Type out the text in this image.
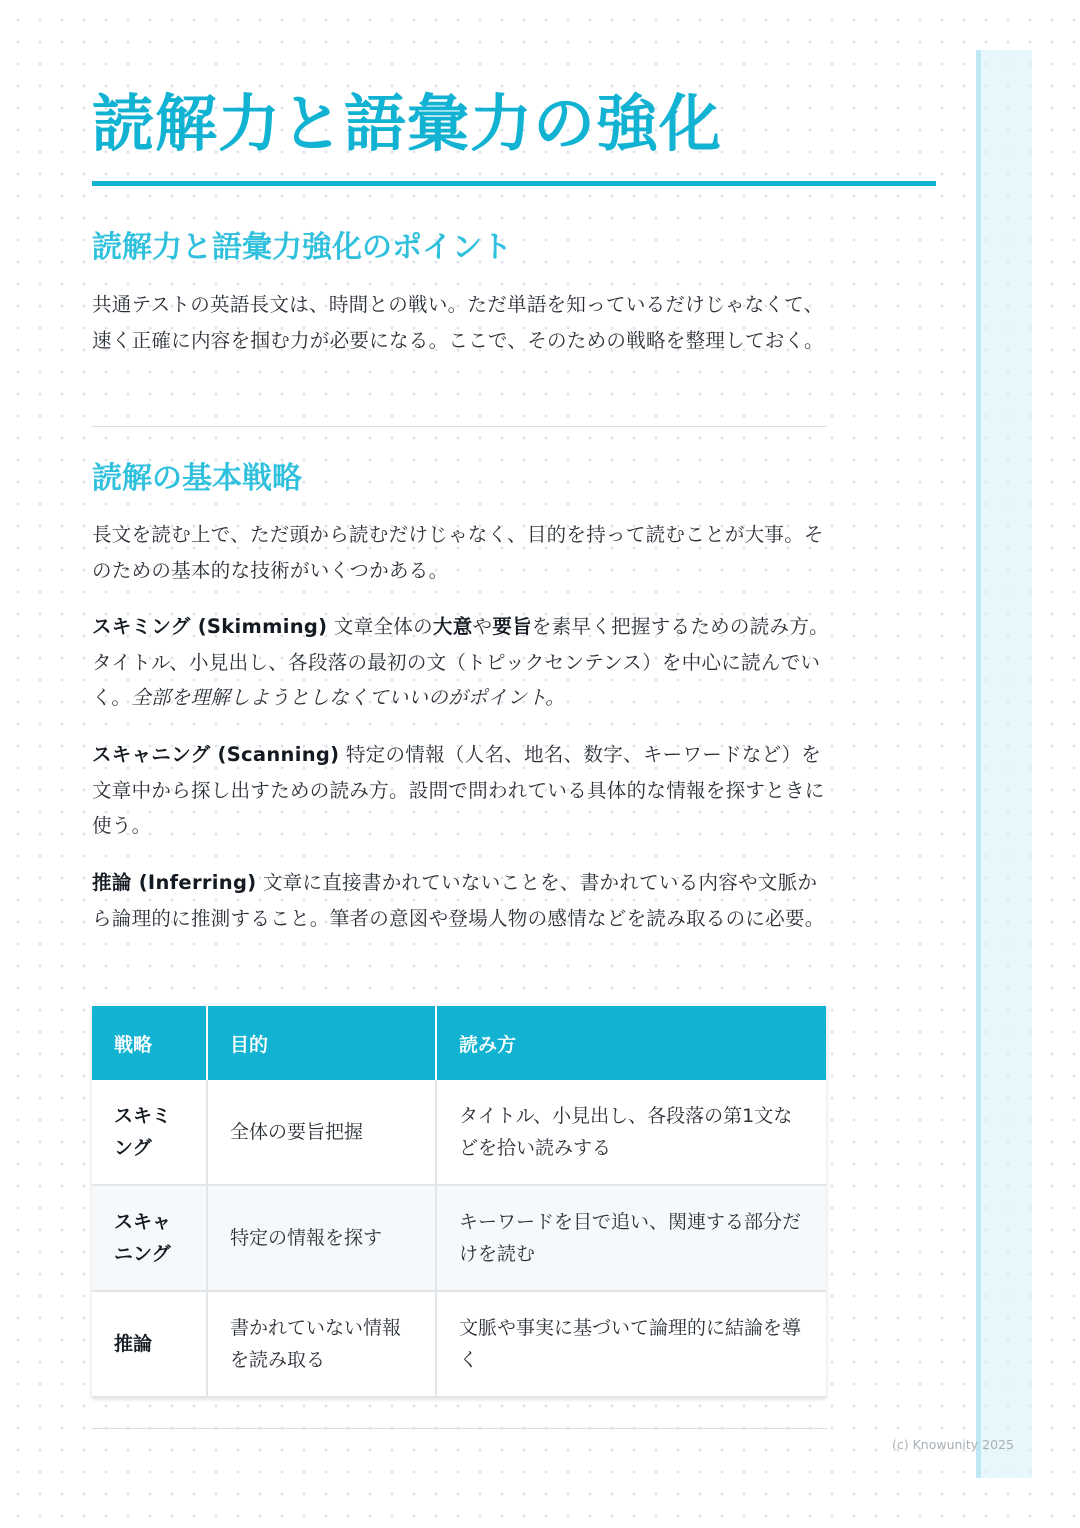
読解力と語彙力の強化
読解力と語彙力強化のポイント

共通テストの英語長文は、時間との戦い。ただ単語を知っているだけじゃなくて、速く正確に内容を掴む力が必要になる。ここで、そのための戦略を整理しておく。

読解の基本戦略

長文を読む上で、ただ頭から読むだけじゃなく、目的を持って読むことが大事。そのための基本的な技術がいくつかある。

スキミング (Skimming) 文章全体の大意や要旨を素早く把握するための読み方。タイトル、小見出し、各段落の最初の文（トピックセンテンス）を中心に読んでいく。全部を理解しようとしなくていいのがポイント。

スキャニング (Scanning) 特定の情報（人名、地名、数字、キーワードなど）を文章中から探し出すための読み方。設問で問われている具体的な情報を探すときに使う。

推論 (Inferring) 文章に直接書かれていないことを、書かれている内容や文脈から論理的に推測すること。筆者の意図や登場人物の感情などを読み取るのに必要。

戦略	目的	読み方
スキミング	全体の要旨把握	タイトル、小見出し、各段落の第1文などを拾い読みする
スキャニング	特定の情報を探す	キーワードを目で追い、関連する部分だけを読む
推論	書かれていない情報を読み取る	文脈や事実に基づいて論理的に結論を導く
(c) Knowunity 2025
